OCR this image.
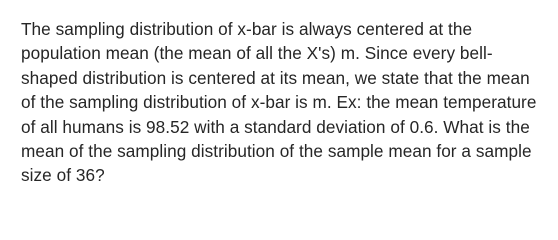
The sampling distribution of x-bar is always centered at the population mean (the mean of all the X's) m. Since every bell-shaped distribution is centered at its mean, we state that the mean of the sampling distribution of x-bar is m. Ex: the mean temperature of all humans is 98.52 with a standard deviation of 0.6. What is the mean of the sampling distribution of the sample mean for a sample size of 36?
